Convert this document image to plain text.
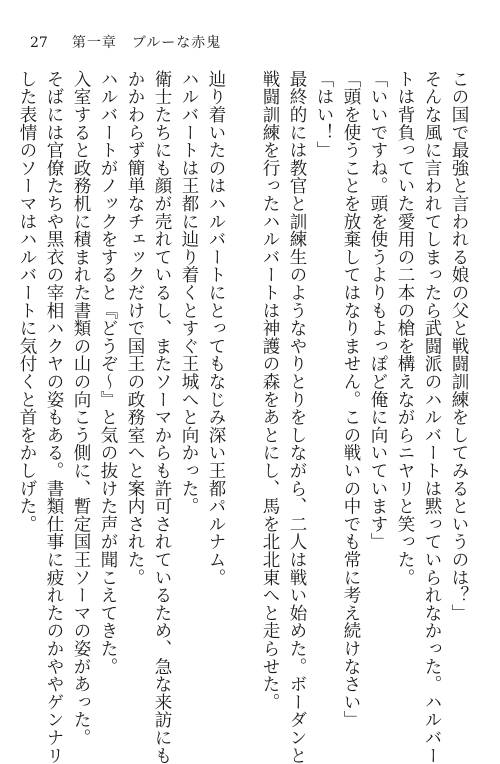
27 第一章　ブルーな赤鬼
この国で最強と言われる娘の父と戦闘訓練をしてみるというのは？」
そんな風に言われてしまったら武闘派のハルバートは黙っていられなかった。ハルバー
トは背負っていた愛用の二本の槍を構えながらニヤリと笑った。
「いいですね。頭を使うよりもよっぽど俺に向いています」
「頭を使うことを放棄してはなりません。この戦いの中でも常に考え続けなさい」
「はい！」
最終的には教官と訓練生のようなやりとりをしながら、二人は戦い始めた。ボーダンと
戦闘訓練を行ったハルバートは神護の森をあとにし、馬を北北東へと走らせた。
辿り着いたのはハルバートにとってもなじみ深い王都パルナム。
ハルバートは王都に辿り着くとすぐ王城へと向かった。
衛士たちにも顔が売れているし、またソーマからも許可されているため、急な来訪にも
かかわらず簡単なチェックだけで国王の政務室へと案内された。
ハルバートがノックをすると『どうぞ～』と気の抜けた声が聞こえてきた。
入室すると政務机に積まれた書類の山の向こう側に、暫定国王ソーマの姿があった。
そばには官僚たちや黒衣の宰相ハクヤの姿もある。書類仕事に疲れたのかややゲンナリ
した表情のソーマはハルバートに気付くと首をかしげた。
